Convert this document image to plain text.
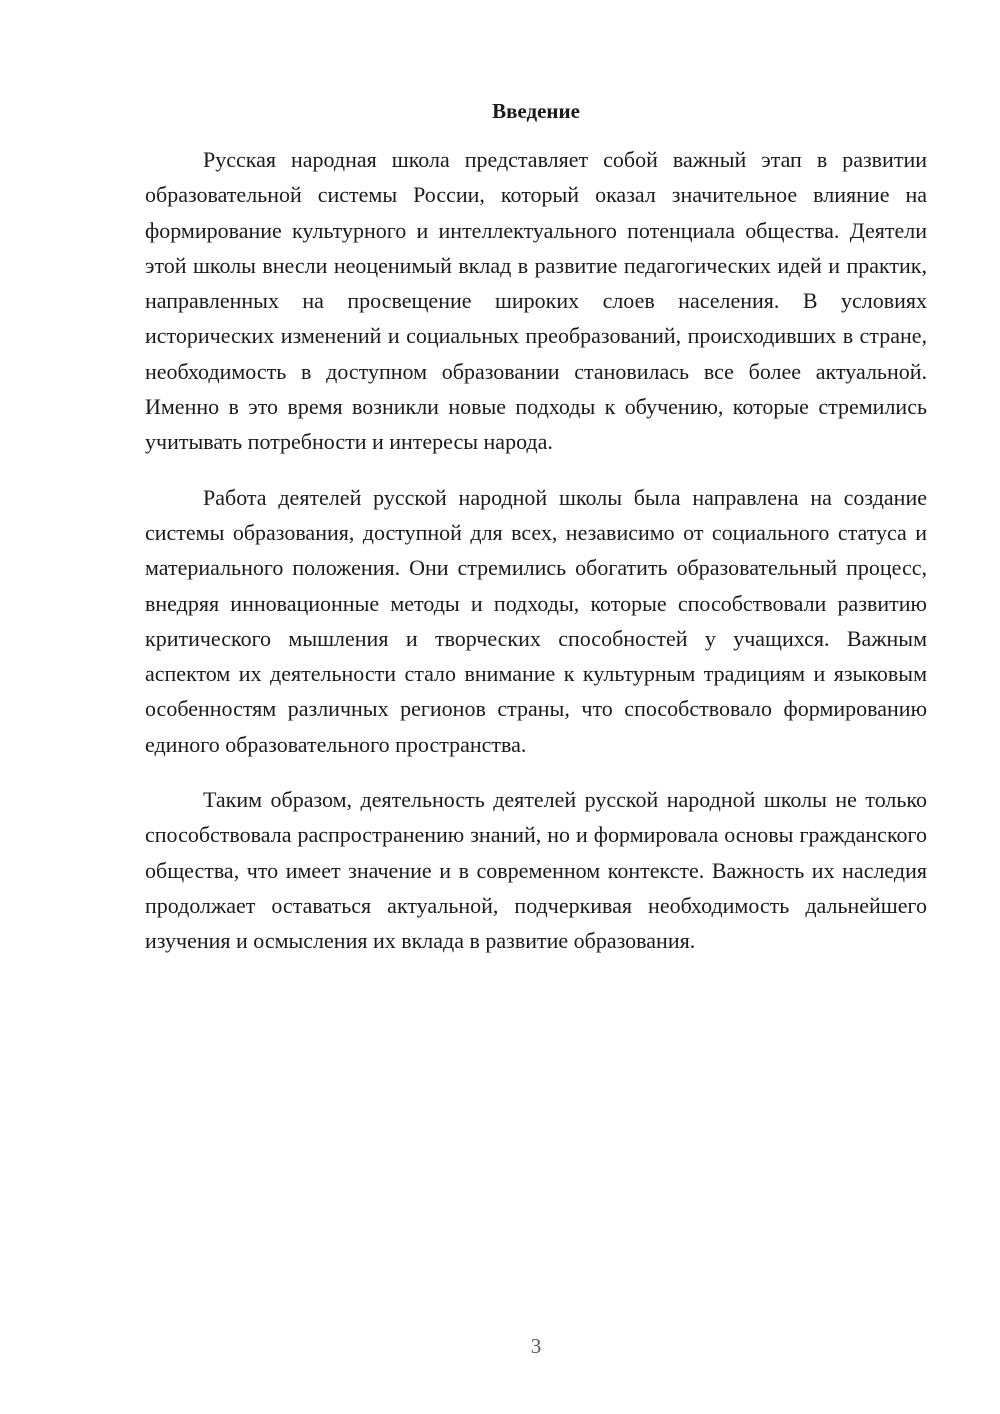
Введение

Русская народная школа представляет собой важный этап в развитии образовательной системы России, который оказал значительное влияние на формирование культурного и интеллектуального потенциала общества. Деятели этой школы внесли неоценимый вклад в развитие педагогических идей и практик, направленных на просвещение широких слоев населения. В условиях исторических изменений и социальных преобразований, происходивших в стране, необходимость в доступном образовании становилась все более актуальной. Именно в это время возникли новые подходы к обучению, которые стремились учитывать потребности и интересы народа.

Работа деятелей русской народной школы была направлена на создание системы образования, доступной для всех, независимо от социального статуса и материального положения. Они стремились обогатить образовательный процесс, внедряя инновационные методы и подходы, которые способствовали развитию критического мышления и творческих способностей у учащихся. Важным аспектом их деятельности стало внимание к культурным традициям и языковым особенностям различных регионов страны, что способствовало формированию единого образовательного пространства.

Таким образом, деятельность деятелей русской народной школы не только способствовала распространению знаний, но и формировала основы гражданского общества, что имеет значение и в современном контексте. Важность их наследия продолжает оставаться актуальной, подчеркивая необходимость дальнейшего изучения и осмысления их вклада в развитие образования.

3
